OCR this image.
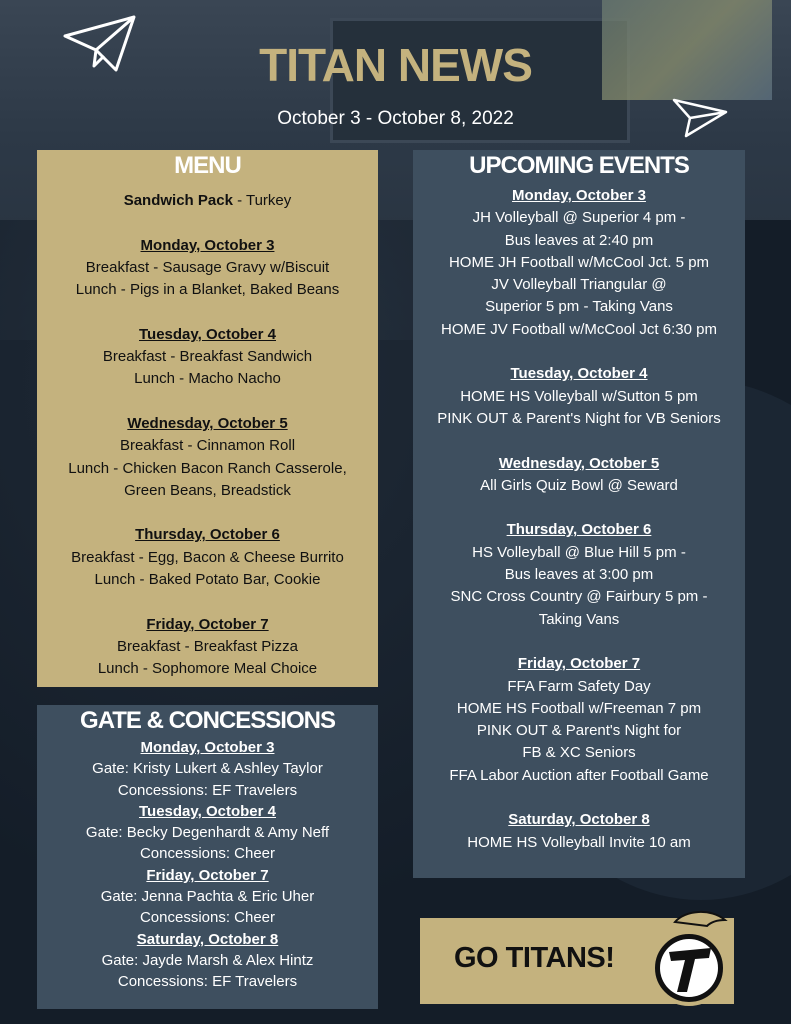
TITAN NEWS
October 3 - October 8, 2022
MENU
Sandwich Pack - Turkey
Monday, October 3
Breakfast - Sausage Gravy w/Biscuit
Lunch - Pigs in a Blanket, Baked Beans
Tuesday, October 4
Breakfast - Breakfast Sandwich
Lunch - Macho Nacho
Wednesday, October 5
Breakfast - Cinnamon Roll
Lunch - Chicken Bacon Ranch Casserole,
Green Beans, Breadstick
Thursday, October 6
Breakfast - Egg, Bacon & Cheese Burrito
Lunch - Baked Potato Bar, Cookie
Friday, October 7
Breakfast - Breakfast Pizza
Lunch - Sophomore Meal Choice
UPCOMING EVENTS
Monday, October 3
JH Volleyball @ Superior 4 pm -
Bus leaves at 2:40 pm
HOME JH Football w/McCool Jct. 5 pm
JV Volleyball Triangular @
Superior 5 pm - Taking Vans
HOME JV Football w/McCool Jct 6:30 pm
Tuesday, October 4
HOME HS Volleyball w/Sutton 5 pm
PINK OUT & Parent's Night for VB Seniors
Wednesday, October 5
All Girls Quiz Bowl @ Seward
Thursday, October 6
HS Volleyball @ Blue Hill 5 pm -
Bus leaves at 3:00 pm
SNC Cross Country @ Fairbury 5 pm -
Taking Vans
Friday, October 7
FFA Farm Safety Day
HOME HS Football w/Freeman 7 pm
PINK OUT & Parent's Night for
FB & XC Seniors
FFA Labor Auction after Football Game
Saturday, October 8
HOME HS Volleyball Invite 10 am
GATE & CONCESSIONS
Monday, October 3
Gate: Kristy Lukert & Ashley Taylor
Concessions: EF Travelers
Tuesday, October 4
Gate: Becky Degenhardt & Amy Neff
Concessions: Cheer
Friday, October 7
Gate: Jenna Pachta & Eric Uher
Concessions: Cheer
Saturday, October 8
Gate: Jayde Marsh & Alex Hintz
Concessions: EF Travelers
GO TITANS!
